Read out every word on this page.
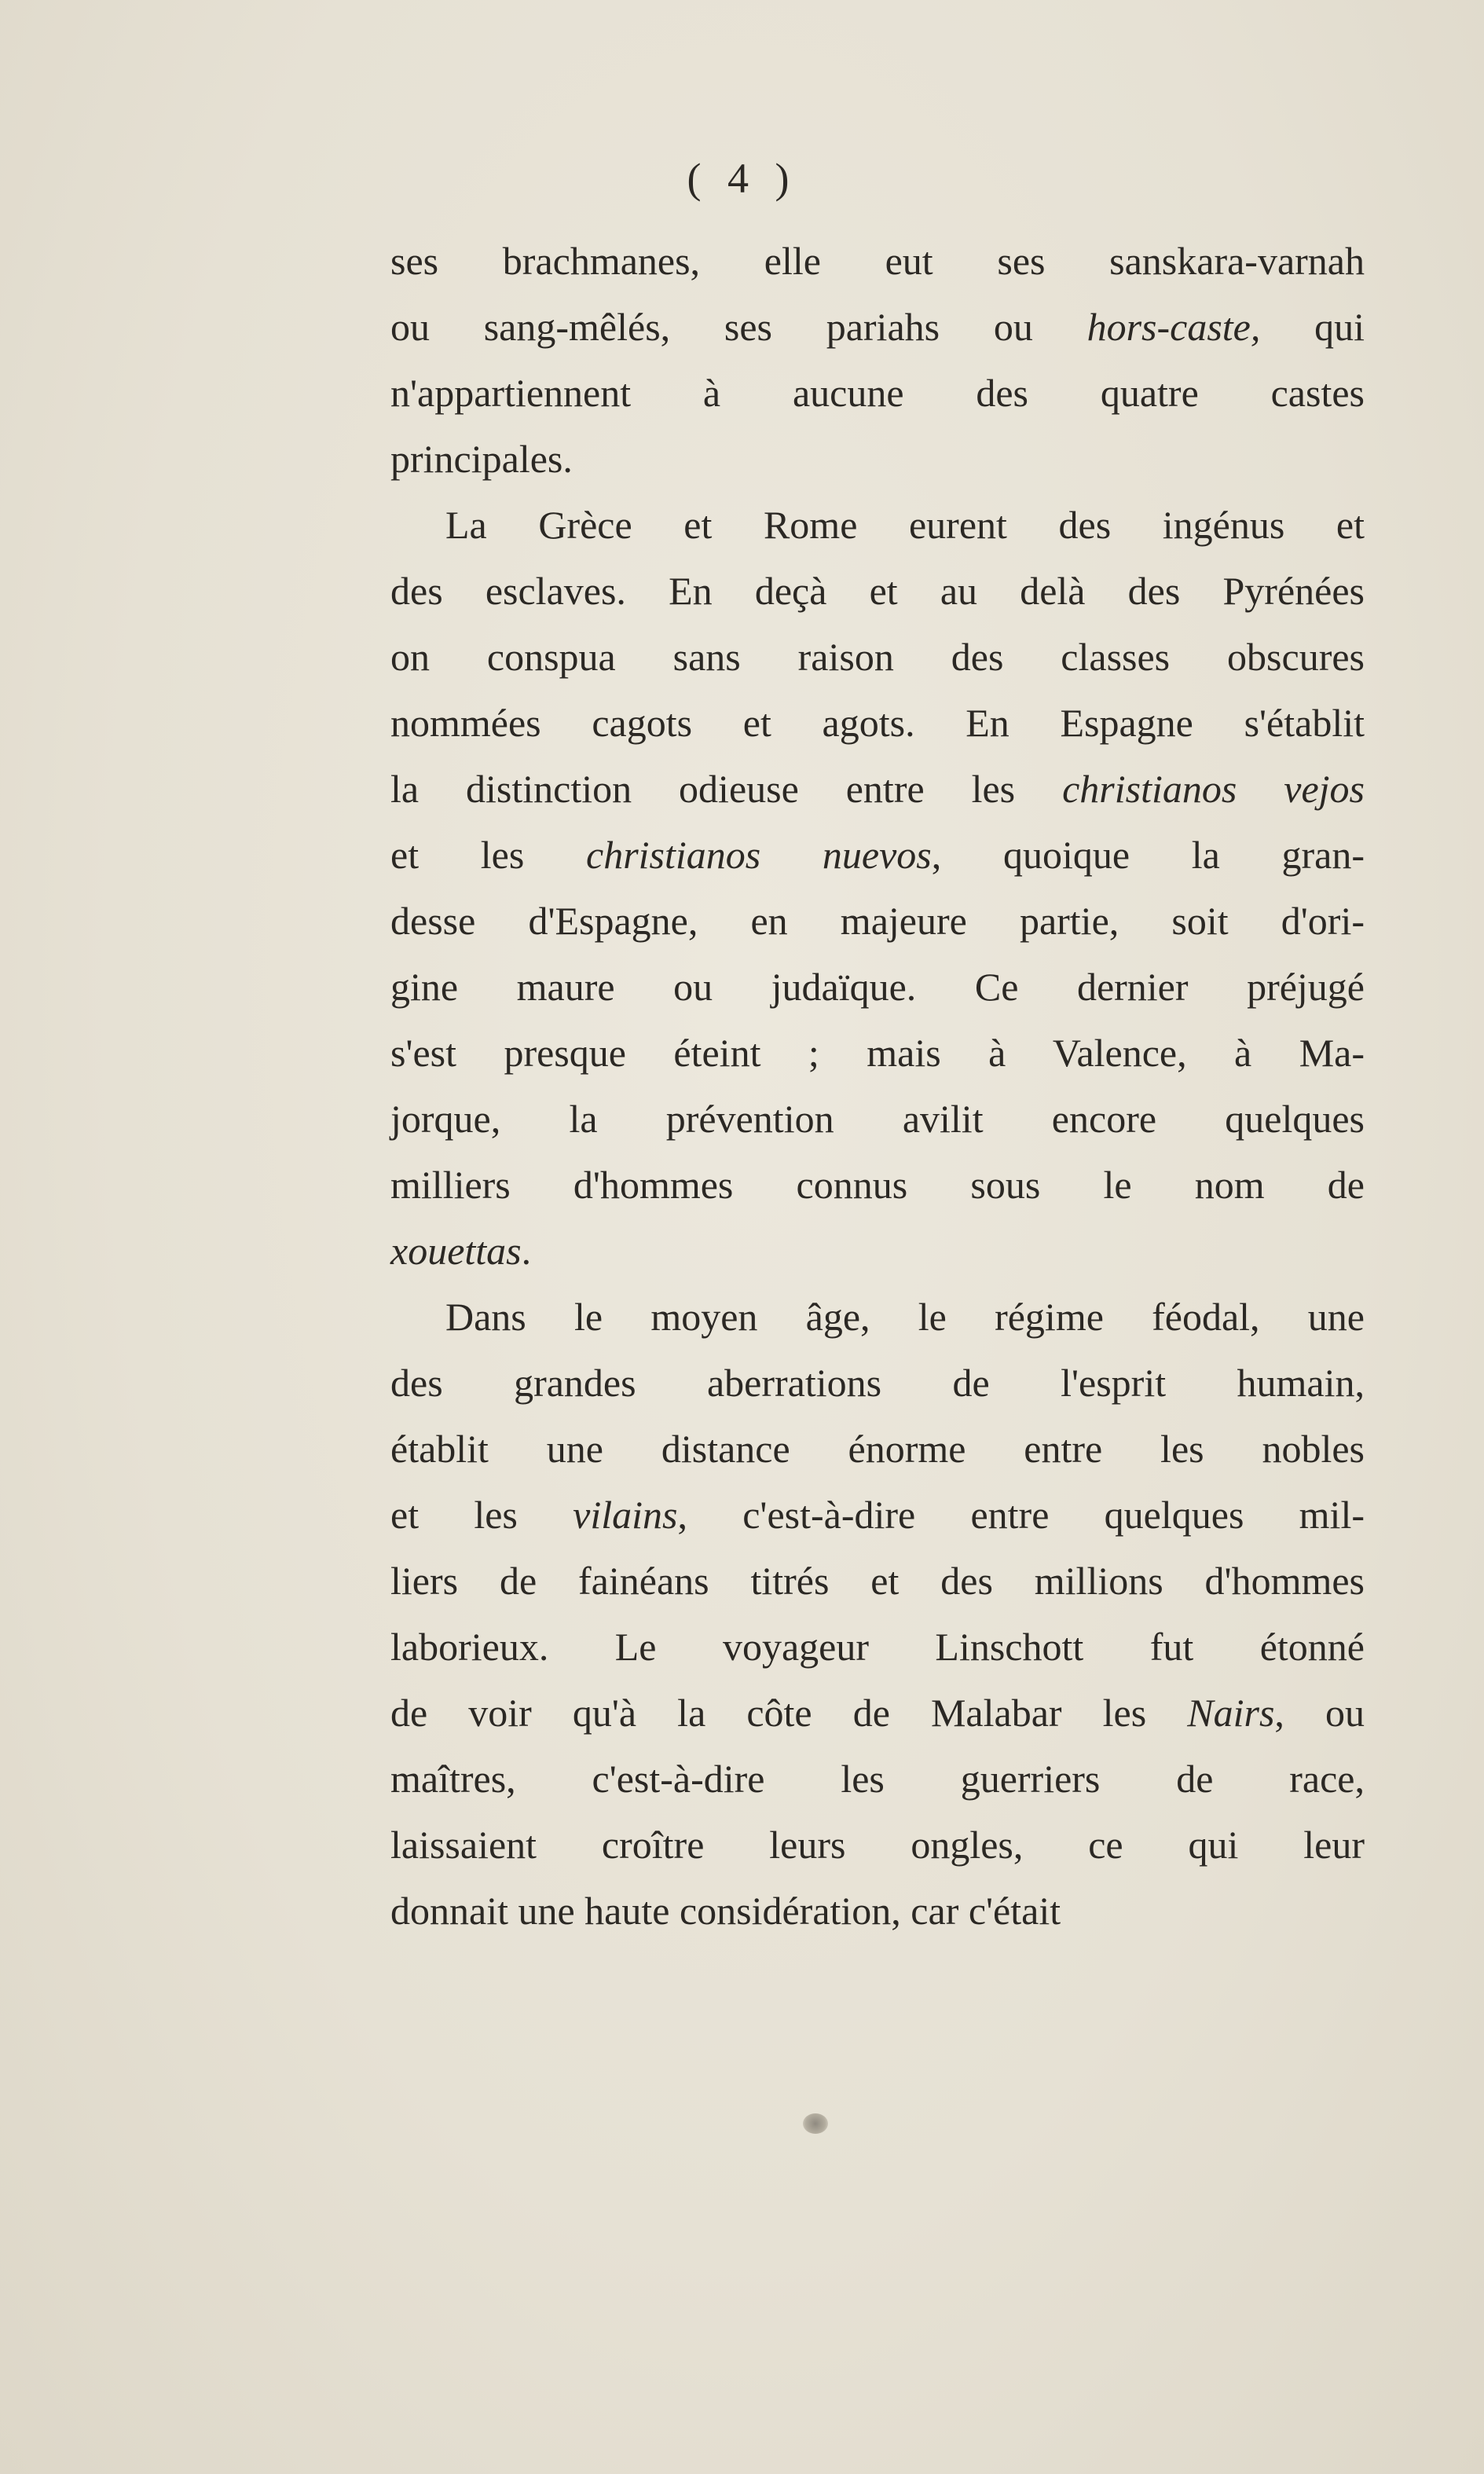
( 4 )
ses brachmanes, elle eut ses sanskara-varnah
ou sang-mêlés, ses pariahs ou hors-caste, qui
n'appartiennent à aucune des quatre castes
principales.
La Grèce et Rome eurent des ingénus et
des esclaves. En deçà et au delà des Pyrénées
on conspua sans raison des classes obscures
nommées cagots et agots. En Espagne s'établit
la distinction odieuse entre les christianos vejos
et les christianos nuevos, quoique la gran-
desse d'Espagne, en majeure partie, soit d'ori-
gine maure ou judaïque. Ce dernier préjugé
s'est presque éteint ; mais à Valence, à Ma-
jorque, la prévention avilit encore quelques
milliers d'hommes connus sous le nom de
xouettas.
Dans le moyen âge, le régime féodal, une
des grandes aberrations de l'esprit humain,
établit une distance énorme entre les nobles
et les vilains, c'est-à-dire entre quelques mil-
liers de fainéans titrés et des millions d'hommes
laborieux. Le voyageur Linschott fut étonné
de voir qu'à la côte de Malabar les Nairs, ou
maîtres, c'est-à-dire les guerriers de race,
laissaient croître leurs ongles, ce qui leur
donnait une haute considération, car c'était
